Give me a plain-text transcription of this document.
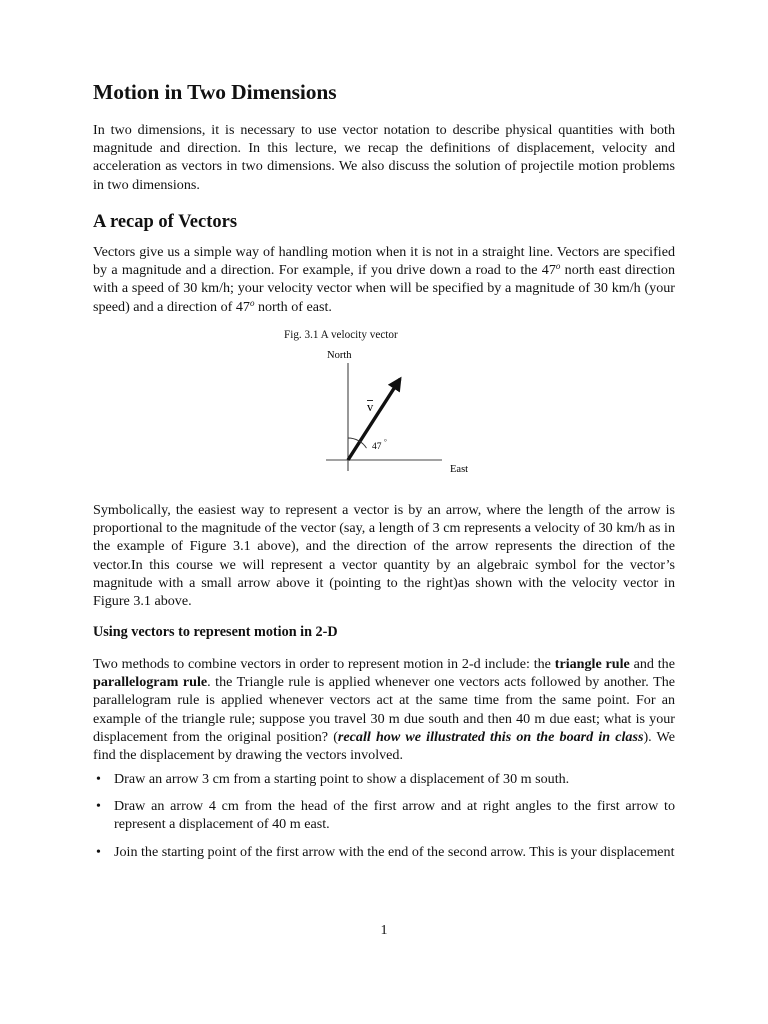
Motion in Two Dimensions

In two dimensions, it is necessary to use vector notation to describe physical quantities with both magnitude and direction. In this lecture, we recap the definitions of displacement, velocity and acceleration as vectors in two dimensions. We also discuss the solution of projectile motion problems in two dimensions.

A recap of Vectors

Vectors give us a simple way of handling motion when it is not in a straight line. Vectors are specified by a magnitude and a direction. For example, if you drive down a road to the 47$^o$ north east direction with a speed of 30 km/h; your velocity vector when will be specified by a magnitude of 30 km/h (your speed) and a direction of 47$^o$ north of east.

Fig. 3.1 A velocity vector
North
East
v
47 °

Symbolically, the easiest way to represent a vector is by an arrow, where the length of the arrow is proportional to the magnitude of the vector (say, a length of 3 cm represents a velocity of 30 km/h as in the example of Figure 3.1 above), and the direction of the arrow represents the direction of the vector.In this course we will represent a vector quantity by an algebraic symbol for the vector’s magnitude with a small arrow above it (pointing to the right)as shown with the velocity vector in Figure 3.1 above.

Using vectors to represent motion in 2-D

Two methods to combine vectors in order to represent motion in 2-d include: the triangle rule and the parallelogram rule. the Triangle rule is applied whenever one vectors acts followed by another. The parallelogram rule is applied whenever vectors act at the same time from the same point. For an example of the triangle rule; suppose you travel 30 m due south and then 40 m due east; what is your displacement from the original position? (recall how we illustrated this on the board in class). We find the displacement by drawing the vectors involved.

• Draw an arrow 3 cm from a starting point to show a displacement of 30 m south.
• Draw an arrow 4 cm from the head of the first arrow and at right angles to the first arrow to represent a displacement of 40 m east.
• Join the starting point of the first arrow with the end of the second arrow. This is your displacement
1
